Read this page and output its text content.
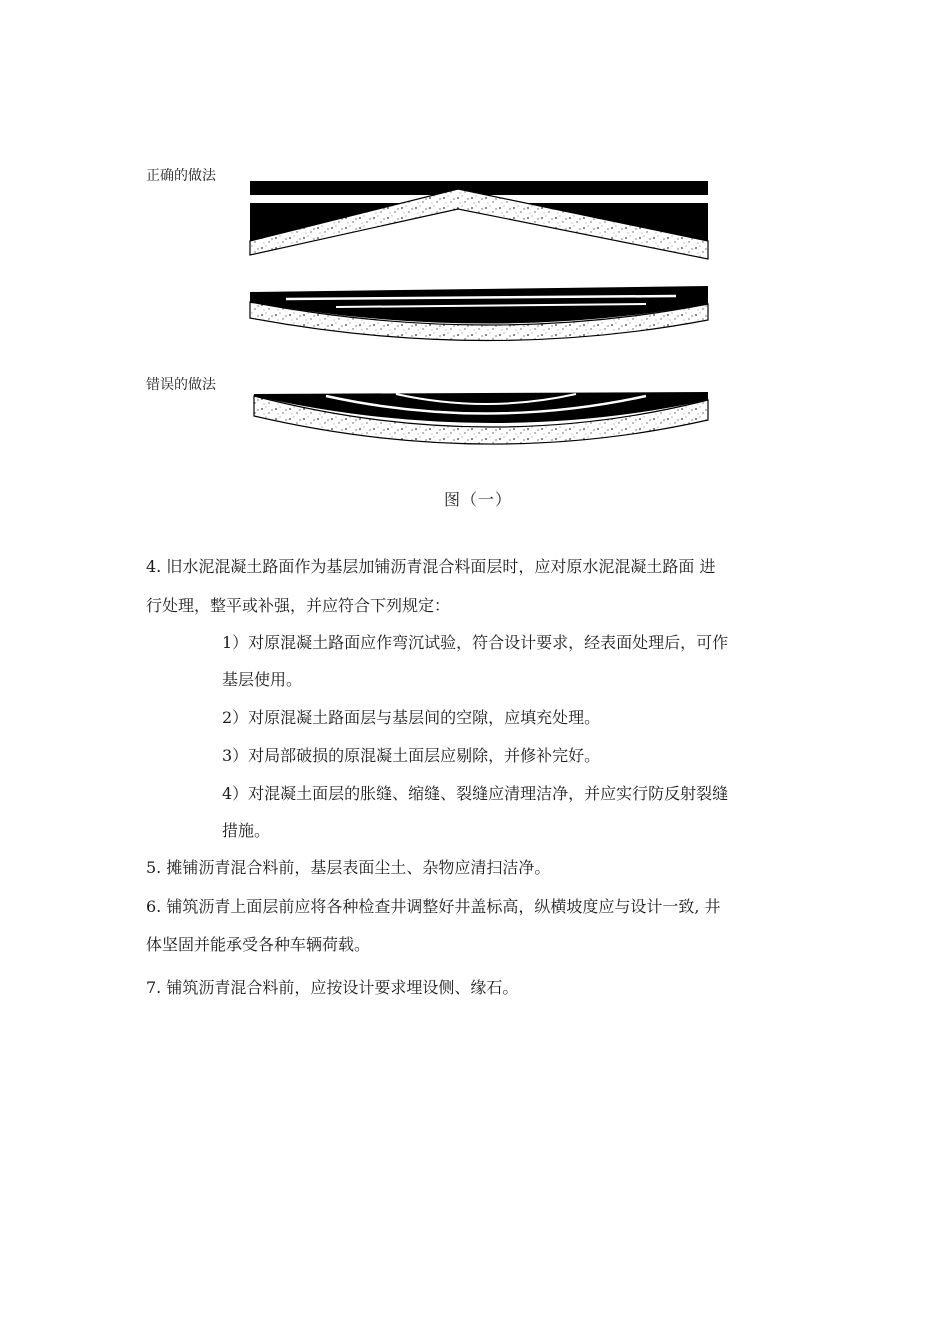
正确的做法
错误的做法
图（一）
4. 旧水泥混凝土路面作为基层加铺沥青混合料面层时，应对原水泥混凝土路面 进
行处理，整平或补强，并应符合下列规定：
1）对原混凝土路面应作弯沉试验，符合设计要求，经表面处理后，可作
基层使用。
2）对原混凝土路面层与基层间的空隙，应填充处理。
3）对局部破损的原混凝土面层应剔除，并修补完好。
4）对混凝土面层的胀缝、缩缝、裂缝应清理洁净，并应实行防反射裂缝
措施。
5. 摊铺沥青混合料前，基层表面尘土、杂物应清扫洁净。
6. 铺筑沥青上面层前应将各种检查井调整好井盖标高，纵横坡度应与设计一致, 井
体坚固并能承受各种车辆荷载。
7. 铺筑沥青混合料前，应按设计要求埋设侧、缘石。
